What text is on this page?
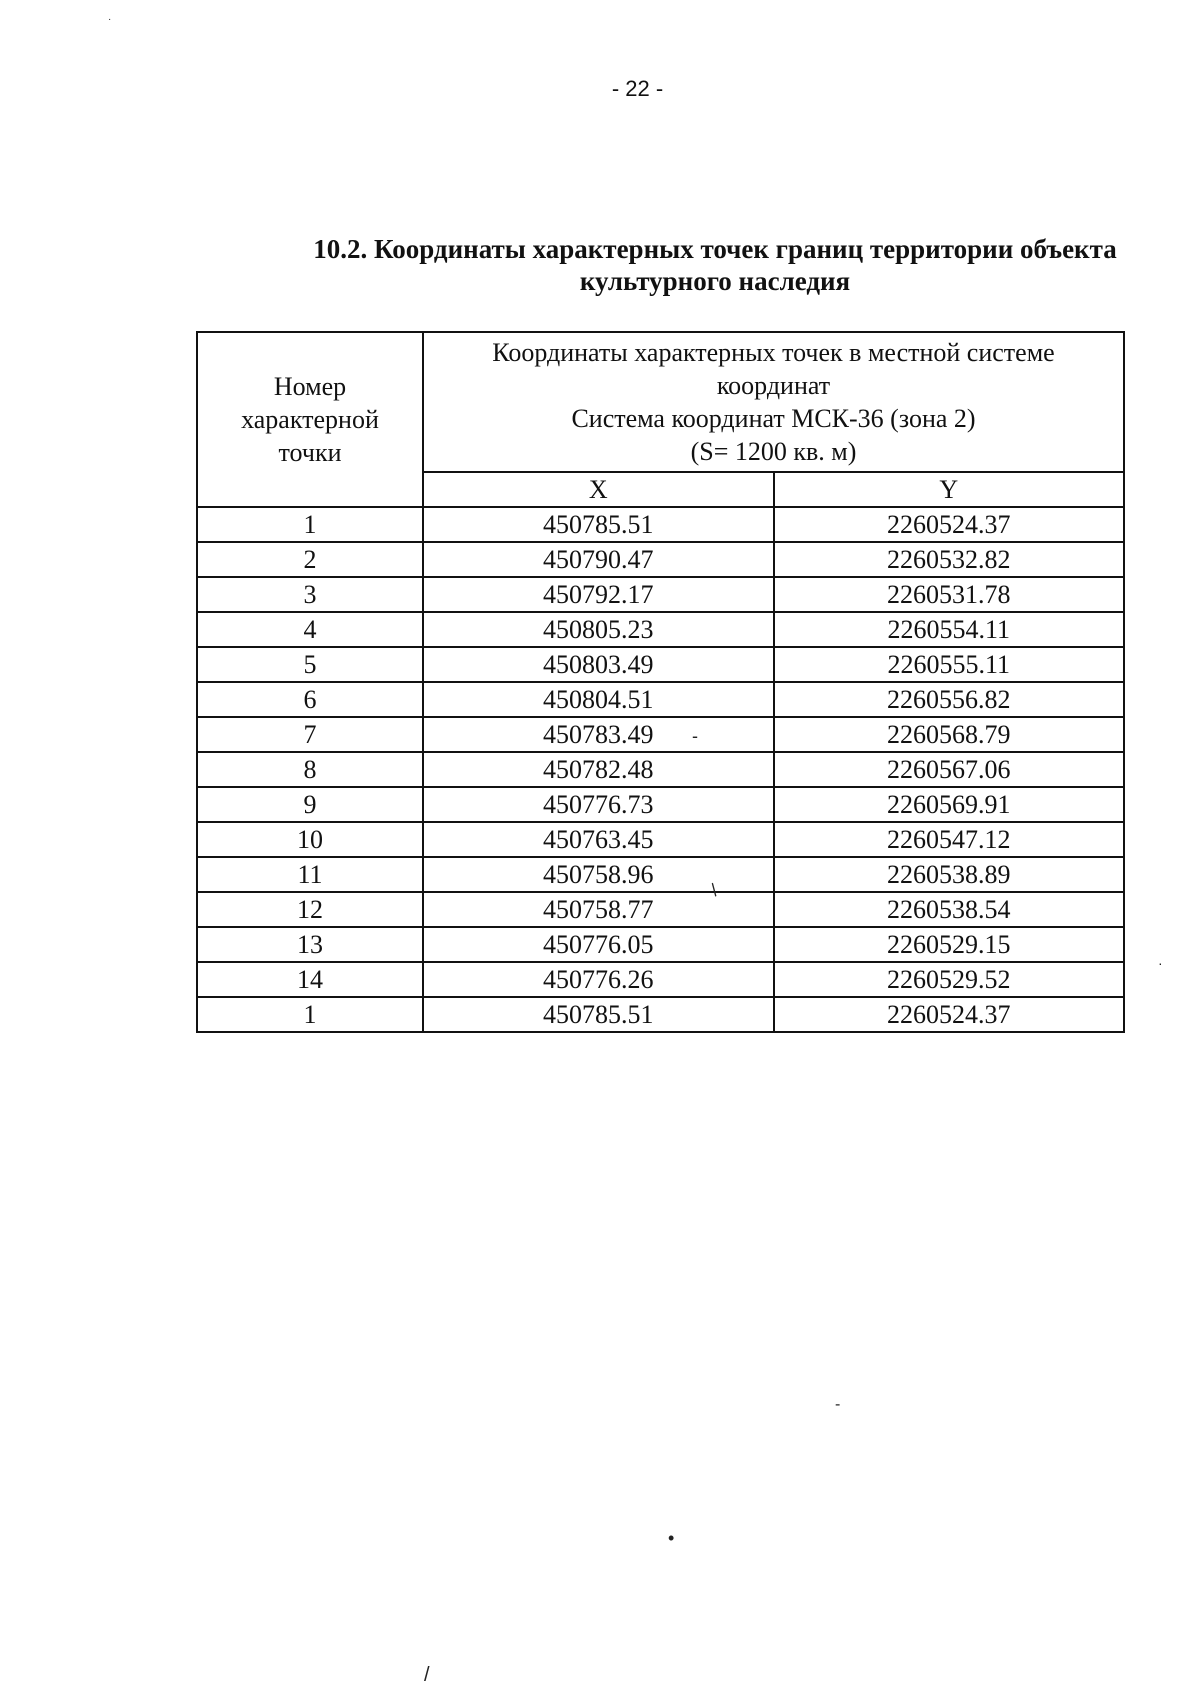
- 22 -
10.2. Координаты характерных точек границ территории объекта
культурного наследия
Номер характерной точки	Координаты характерных точек в местной системе
координат
Система координат МСК-36 (зона 2)
(S= 1200 кв. м)	

	X	Y
1	450785.51	2260524.37
2	450790.47	2260532.82
3	450792.17	2260531.78
4	450805.23	2260554.11
5	450803.49	2260555.11
6	450804.51	2260556.82
7	450783.49	2260568.79
8	450782.48	2260567.06
9	450776.73	2260569.91
10	450763.45	2260547.12
11	450758.96	2260538.89
12	450758.77	2260538.54
13	450776.05	2260529.15
14	450776.26	2260529.52
1	450785.51	2260524.37
·
-
/
·
-
•
/
